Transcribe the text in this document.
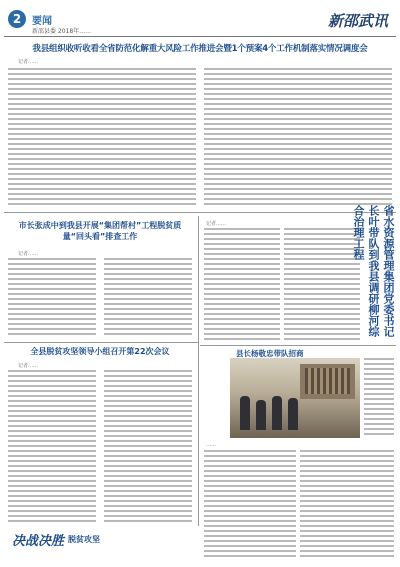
2	要闻
新邵县委 2018年……
新邵武讯
我县组织收听收看全省防范化解重大风险工作推进会暨1个预案4个工作机制落实情况调度会
记者……
市长张成中到我县开展“集团帮村”工程脱贫质量“回头看”排查工作
记者……
记者……	省水资源管理集团党委书记长叶带队到我县调研柳河综合治理工程
全县脱贫攻坚领导小组召开第22次会议
记者……
县长杨敬忠带队招商
……
决战决胜 脱贫攻坚
